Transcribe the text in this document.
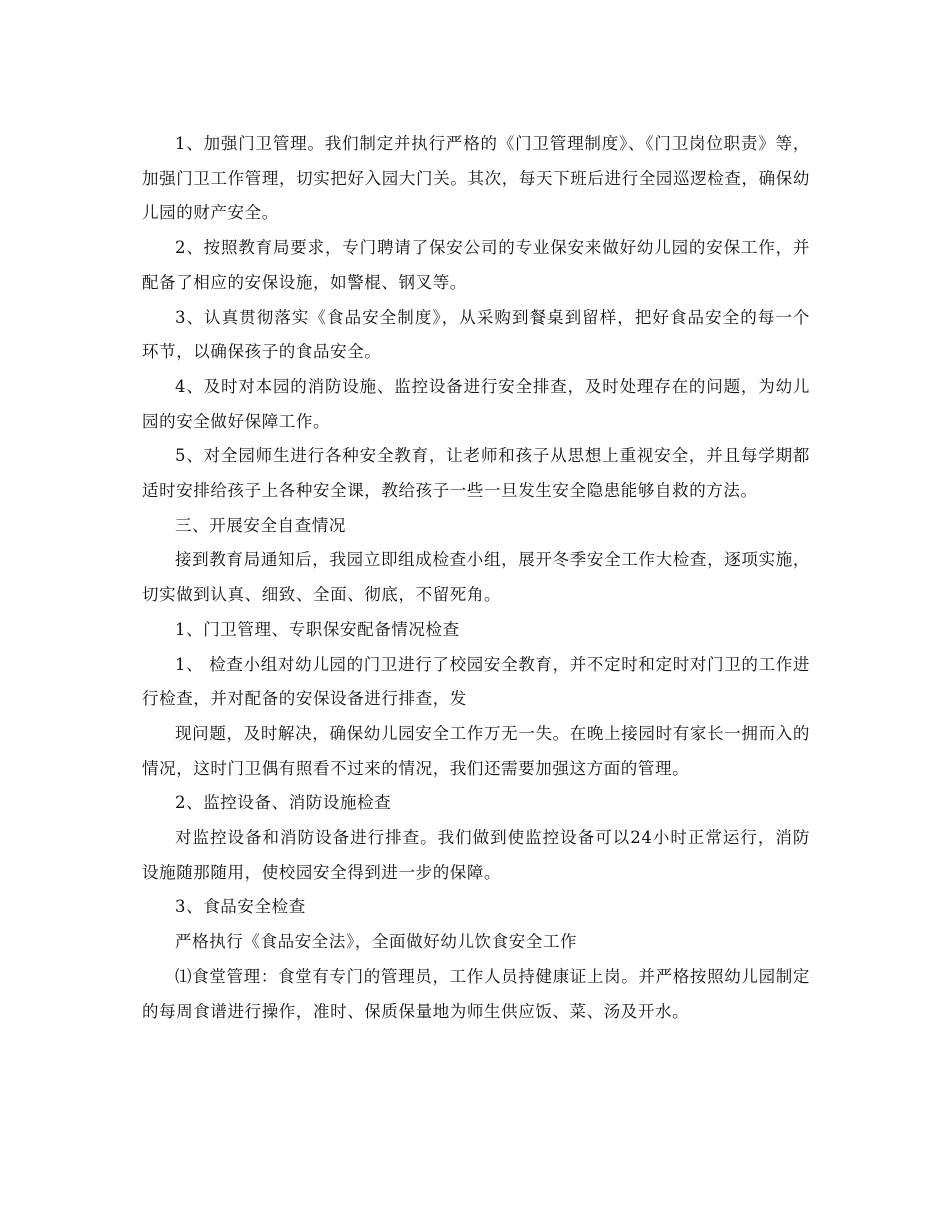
1、加强门卫管理。我们制定并执行严格的《门卫管理制度》、《门卫岗位职责》等，加强门卫工作管理，切实把好入园大门关。其次，每天下班后进行全园巡逻检查，确保幼儿园的财产安全。

2、按照教育局要求，专门聘请了保安公司的专业保安来做好幼儿园的安保工作，并配备了相应的安保设施，如警棍、钢叉等。

3、认真贯彻落实《食品安全制度》，从采购到餐桌到留样，把好食品安全的每一个环节，以确保孩子的食品安全。

4、及时对本园的消防设施、监控设备进行安全排查，及时处理存在的问题，为幼儿园的安全做好保障工作。

5、对全园师生进行各种安全教育，让老师和孩子从思想上重视安全，并且每学期都适时安排给孩子上各种安全课，教给孩子一些一旦发生安全隐患能够自救的方法。

三、开展安全自查情况

接到教育局通知后，我园立即组成检查小组，展开冬季安全工作大检查，逐项实施，切实做到认真、细致、全面、彻底，不留死角。

1、门卫管理、专职保安配备情况检查

1、 检查小组对幼儿园的门卫进行了校园安全教育，并不定时和定时对门卫的工作进行检查，并对配备的安保设备进行排查，发

现问题，及时解决，确保幼儿园安全工作万无一失。在晚上接园时有家长一拥而入的情况，这时门卫偶有照看不过来的情况，我们还需要加强这方面的管理。

2、监控设备、消防设施检查

对监控设备和消防设备进行排查。我们做到使监控设备可以24小时正常运行，消防设施随那随用，使校园安全得到进一步的保障。

3、食品安全检查

严格执行《食品安全法》，全面做好幼儿饮食安全工作

⑴食堂管理：食堂有专门的管理员，工作人员持健康证上岗。并严格按照幼儿园制定的每周食谱进行操作，准时、保质保量地为师生供应饭、菜、汤及开水。
